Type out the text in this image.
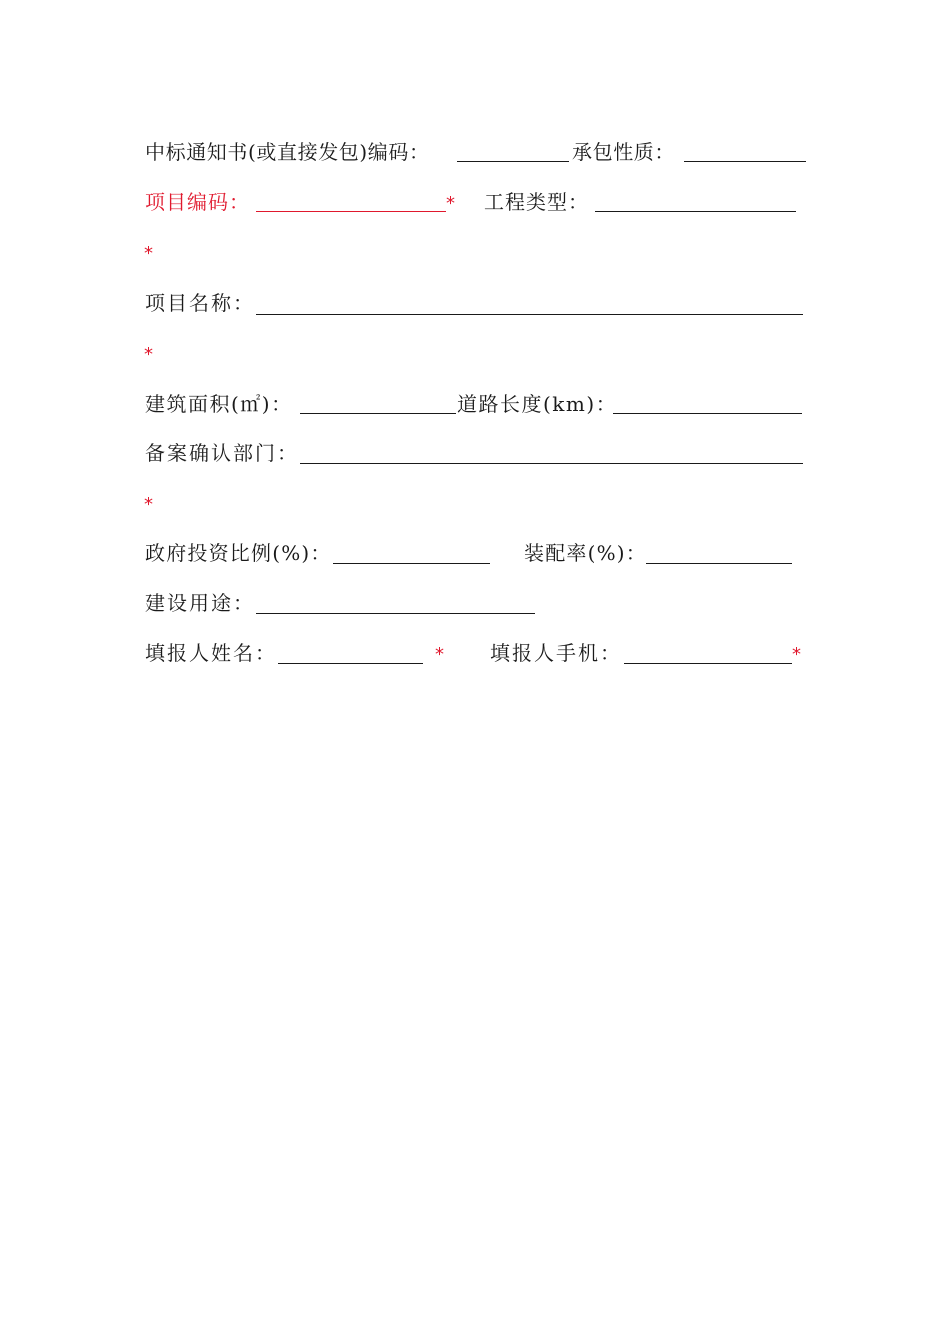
中标通知书(或直接发包)编码：	承包性质：
项目编码：	* 工程类型：
*
项目名称：
*
建筑面积(㎡)：	道路长度(km)：
备案确认部门：
*
政府投资比例(%)：	装配率(%)：
建设用途：
填报人姓名：	* 填报人手机：	*
